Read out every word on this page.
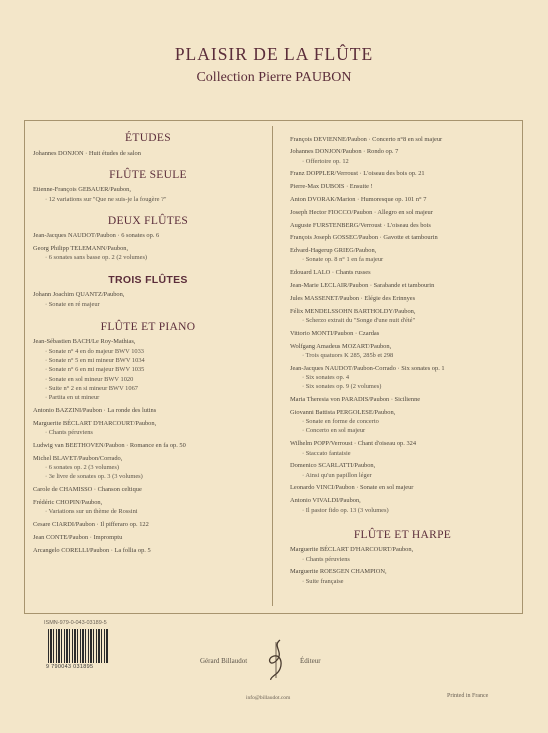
PLAISIR DE LA FLÛTE
Collection Pierre PAUBON
ÉTUDES
Johannes DONJON · Huit études de salon
FLÛTE SEULE
Etienne-François GEBAUER/Paubon,
· 12 variations sur "Que ne suis-je la fougère ?"
DEUX FLÛTES
Jean-Jacques NAUDOT/Paubon · 6 sonates op. 6
Georg Philipp TELEMANN/Paubon,
· 6 sonates sans basse op. 2 (2 volumes)
TROIS FLÛTES
Johann Joachim QUANTZ/Paubon,
· Sonate en ré majeur
FLÛTE ET PIANO
Jean-Sébastien BACH/Le Roy-Mathias,
· Sonate n° 4 en do majeur BWV 1033
· Sonate n° 5 en mi mineur BWV 1034
· Sonate n° 6 en mi majeur BWV 1035
· Sonate en sol mineur BWV 1020
· Suite n° 2 en si mineur BWV 1067
· Partita en ut mineur
Antonio BAZZINI/Paubon · La ronde des lutins
Marguerite BÉCLART D'HARCOURT/Paubon,
· Chants péruviens
Ludwig van BEETHOVEN/Paubon · Romance en fa op. 50
Michel BLAVET/Paubon/Corrado,
· 6 sonates op. 2 (3 volumes)
· 3e livre de sonates op. 3 (3 volumes)
Carole de CHAMISSO · Chanson celtique
Frédéric CHOPIN/Paubon,
· Variations sur un thème de Rossini
Cesare CIARDI/Paubon · Il pifferaro op. 122
Jean CONTE/Paubon · Impromptu
Arcangelo CORELLI/Paubon · La follia op. 5
François DEVIENNE/Paubon · Concerto n°8 en sol majeur
Johannes DONJON/Paubon · Rondo op. 7
· Offertoire op. 12
Franz DOPPLER/Verroust · L'oiseau des bois op. 21
Pierre-Max DUBOIS · Ensuite !
Anton DVORAK/Marion · Humoresque op. 101 n° 7
Joseph Hector FIOCCO/Paubon · Allegro en sol majeur
Auguste FURSTENBERG/Verroust · L'oiseau des bois
François Joseph GOSSEC/Paubon · Gavotte et tambourin
Edvard-Hagerup GRIEG/Paubon,
· Sonate op. 8 n° 1 en fa majeur
Edouard LALO · Chants russes
Jean-Marie LECLAIR/Paubon · Sarabande et tambourin
Jules MASSENET/Paubon · Elégie des Erinnyes
Félix MENDELSSOHN BARTHOLDY/Paubon,
· Scherzo extrait du "Songe d'une nuit d'été"
Vittorio MONTI/Paubon · Czardas
Wolfgang Amadeus MOZART/Paubon,
· Trois quatuors K 285, 285b et 298
Jean-Jacques NAUDOT/Paubon-Corrado · Six sonates op. 1
· Six sonates op. 4
· Six sonates op. 9 (2 volumes)
Maria Theresia von PARADIS/Paubon · Sicilienne
Giovanni Battista PERGOLESE/Paubon,
· Sonate en forme de concerto
· Concerto en sol majeur
Wilhelm POPP/Verroust · Chant d'oiseau op. 324
· Staccato fantaisie
Domenico SCARLATTI/Paubon,
· Ainsi qu'un papillon léger
Leonardo VINCI/Paubon · Sonate en sol majeur
Antonio VIVALDI/Paubon,
· Il pastor fido op. 13 (3 volumes)
FLÛTE ET HARPE
Marguerite BÉCLART D'HARCOURT/Paubon,
· Chants péruviens
Marguerite ROESGEN CHAMPION,
· Suite française
ISMN-979-0-043-03189-5
9 790043 031895
Gérard Billaudot	Éditeur
info@billaudot.com	Printed in France
